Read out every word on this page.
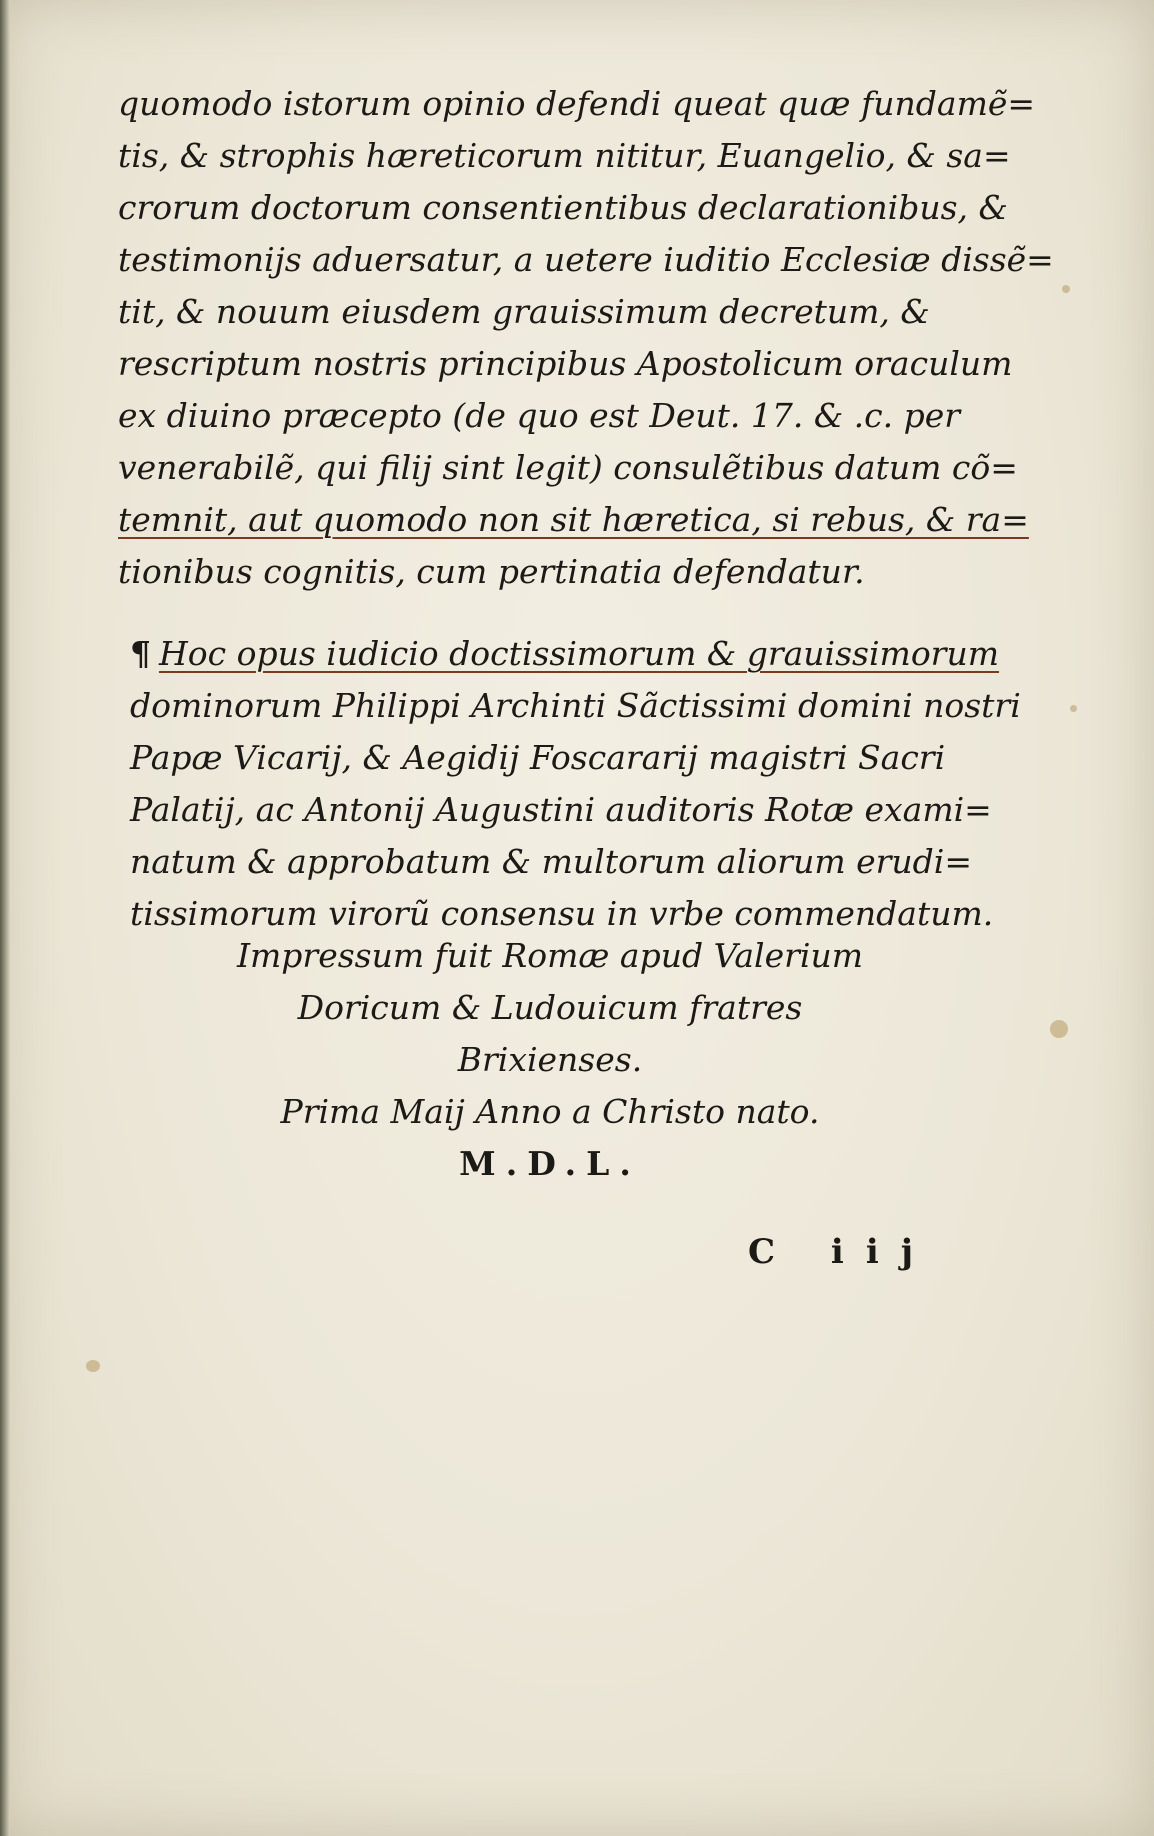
quomodo istorum opinio defendi queat quæ fundamẽ=
tis, & strophis hæreticorum nititur, Euangelio, & sa=
crorum doctorum consentientibus declarationibus, &
testimonijs aduersatur, a uetere iuditio Ecclesiæ dissẽ=
tit, & nouum eiusdem grauissimum decretum, &
rescriptum nostris principibus Apostolicum oraculum
ex diuino præcepto (de quo est Deut. 17. & .c. per
venerabilẽ, qui filij sint legit) consulẽtibus datum cõ=
temnit, aut quomodo non sit hæretica, si rebus, & ra=
tionibus cognitis, cum pertinatia defendatur.
¶ Hoc opus iudicio doctissimorum & grauissimorum
dominorum Philippi Archinti Sãctissimi domini nostri
Papæ Vicarij, & Aegidij Foscararij magistri Sacri
Palatij, ac Antonij Augustini auditoris Rotæ exami=
natum & approbatum & multorum aliorum erudi=
tissimorum virorũ consensu in vrbe commendatum.
Impressum fuit Romæ apud Valerium
Doricum & Ludouicum fratres
Brixienses.
Prima Maij Anno a Christo nato.
M.D.L.
C iij
